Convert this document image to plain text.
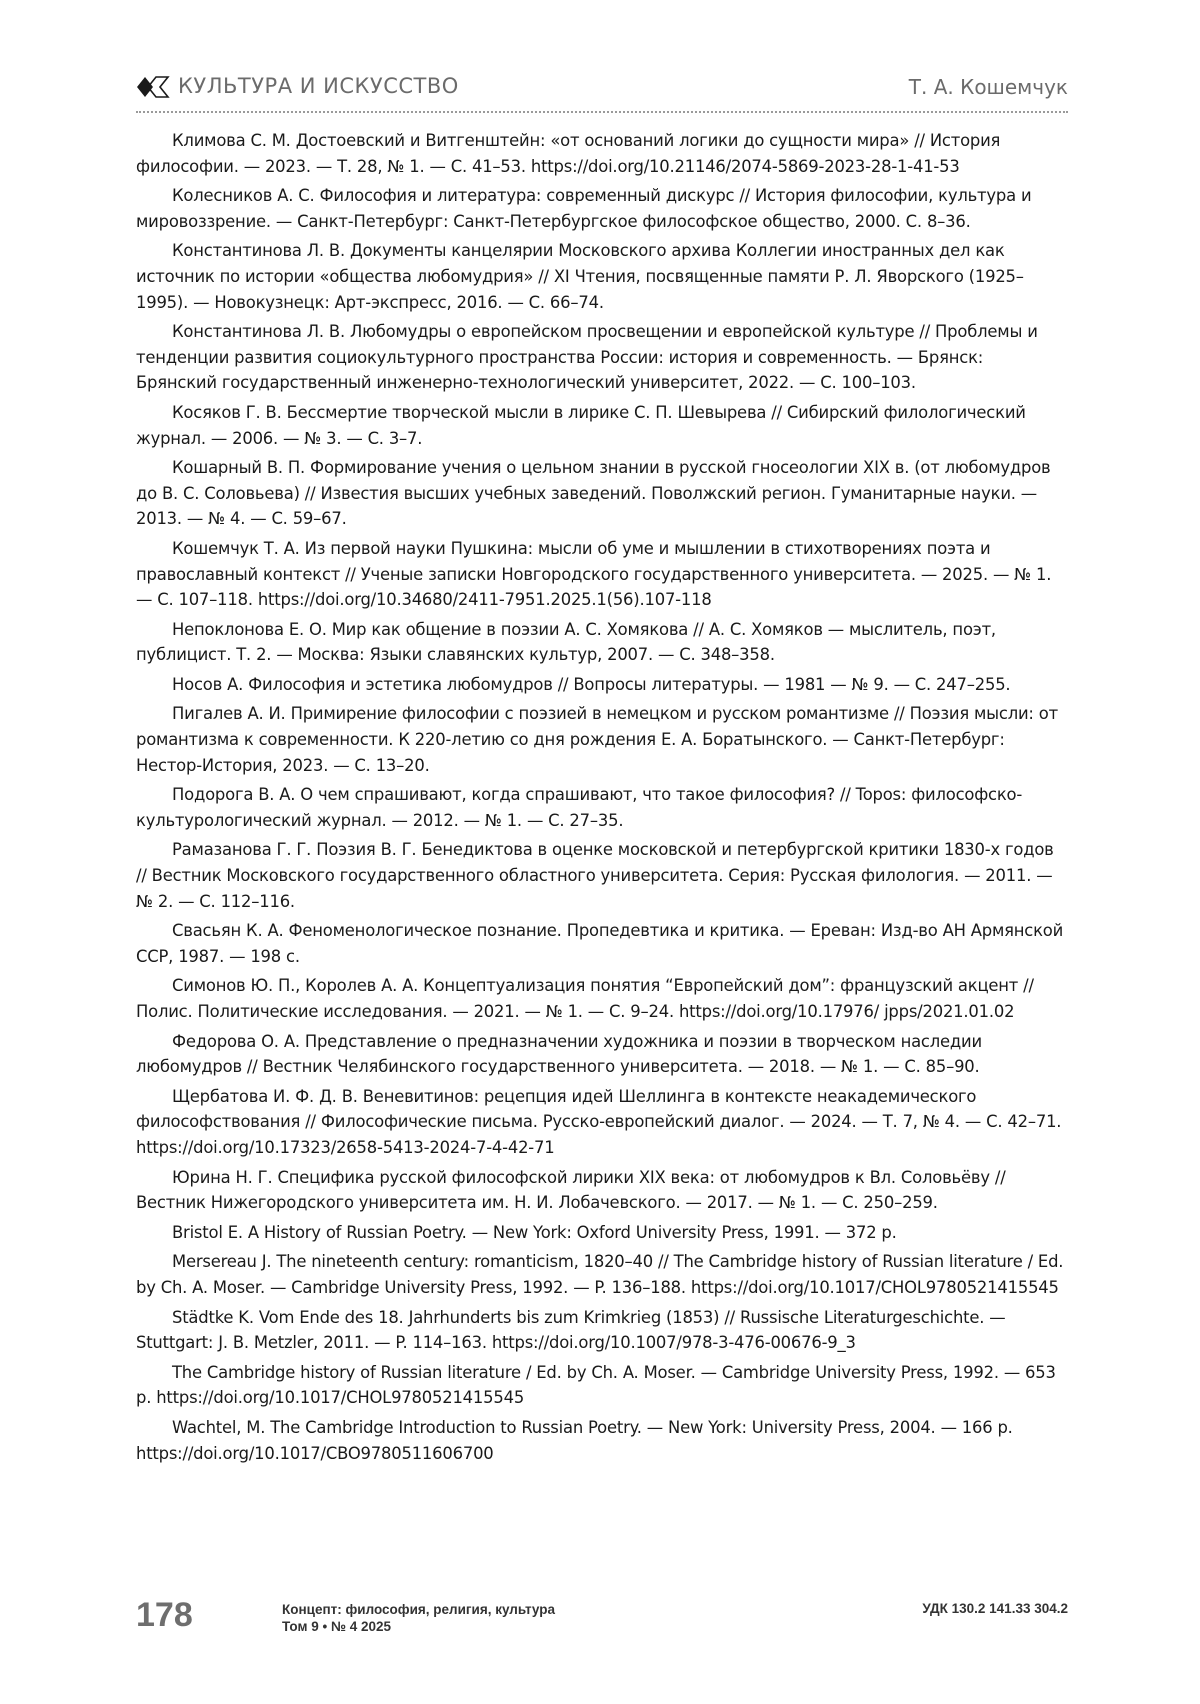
КУЛЬТУРА И ИСКУССТВО	Т. А. Кошемчук

Климова С. М. Достоевский и Витгенштейн: «от оснований логики до сущности мира» // История философии. — 2023. — Т. 28, № 1. — С. 41–53. https://doi.org/10.21146/2074-5869-2023-28-1-41-53

Колесников А. С. Философия и литература: современный дискурс // История философии, культура и мировоззрение. — Санкт-Петербург: Санкт-Петербургское философское общество, 2000. С. 8–36.

Константинова Л. В. Документы канцелярии Московского архива Коллегии иностранных дел как источник по истории «общества любомудрия» // XI Чтения, посвященные памяти Р. Л. Яворского (1925–1995). — Новокузнецк: Арт-экспресс, 2016. — С. 66–74.

Константинова Л. В. Любомудры о европейском просвещении и европейской культуре // Проблемы и тенденции развития социокультурного пространства России: история и современность. — Брянск: Брянский государственный инженерно-технологический университет, 2022. — С. 100–103.

Косяков Г. В. Бессмертие творческой мысли в лирике С. П. Шевырева // Сибирский филологический журнал. — 2006. — № 3. — С. 3–7.

Кошарный В. П. Формирование учения о цельном знании в русской гносеологии XIX в. (от любомудров до В. С. Соловьева) // Известия высших учебных заведений. Поволжский регион. Гуманитарные науки. — 2013. — № 4. — С. 59–67.

Кошемчук Т. А. Из первой науки Пушкина: мысли об уме и мышлении в стихотворениях поэта и православный контекст // Ученые записки Новгородского государственного университета. — 2025. — № 1. — С. 107–118. https://doi.org/10.34680/2411-7951.2025.1(56).107-118

Непоклонова Е. О. Мир как общение в поэзии А. С. Хомякова // А. С. Хомяков — мыслитель, поэт, публицист. Т. 2. — Москва: Языки славянских культур, 2007. — С. 348–358.

Носов А. Философия и эстетика любомудров // Вопросы литературы. — 1981 — № 9. — С. 247–255.

Пигалев А. И. Примирение философии с поэзией в немецком и русском романтизме // Поэзия мысли: от романтизма к современности. К 220-летию со дня рождения Е. А. Боратынского. — Санкт-Петербург: Нестор-История, 2023. — С. 13–20.

Подорога В. А. О чем спрашивают, когда спрашивают, что такое философия? // Topos: философско-культурологический журнал. — 2012. — № 1. — С. 27–35.

Рамазанова Г. Г. Поэзия В. Г. Бенедиктова в оценке московской и петербургской критики 1830-х годов // Вестник Московского государственного областного университета. Серия: Русская филология. — 2011. — № 2. — С. 112–116.

Свасьян К. А. Феноменологическое познание. Пропедевтика и критика. — Ереван: Изд-во АН Армянской ССР, 1987. — 198 с.

Симонов Ю. П., Королев А. А. Концептуализация понятия “Европейский дом”: французский акцент // Полис. Политические исследования. — 2021. — № 1. — С. 9–24. https://doi.org/10.17976/ jpps/2021.01.02

Федорова О. А. Представление о предназначении художника и поэзии в творческом наследии любомудров // Вестник Челябинского государственного университета. — 2018. — № 1. — С. 85–90.

Щербатова И. Ф. Д. В. Веневитинов: рецепция идей Шеллинга в контексте неакадемического философствования // Философические письма. Русско-европейский диалог. — 2024. — Т. 7, № 4. — С. 42–71. https://doi.org/10.17323/2658-5413-2024-7-4-42-71

Юрина Н. Г. Специфика русской философской лирики XIX века: от любомудров к Вл. Соловьёву // Вестник Нижегородского университета им. Н. И. Лобачевского. — 2017. — № 1. — С. 250–259.

Bristol E. A History of Russian Poetry. — New York: Oxford University Press, 1991. — 372 p.

Mersereau J. The nineteenth century: romanticism, 1820–40 // The Cambridge history of Russian literature / Ed. by Ch. A. Moser. — Cambridge University Press, 1992. — P. 136–188. https://doi.org/10.1017/CHOL9780521415545

Städtke K. Vom Ende des 18. Jahrhunderts bis zum Krimkrieg (1853) // Russische Literaturgeschichte. — Stuttgart: J. B. Metzler, 2011. — P. 114–163. https://doi.org/10.1007/978-3-476-00676-9_3

The Cambridge history of Russian literature / Ed. by Ch. A. Moser. — Cambridge University Press, 1992. — 653 p. https://doi.org/10.1017/CHOL9780521415545

Wachtel, M. The Cambridge Introduction to Russian Poetry. — New York: University Press, 2004. — 166 p. https://doi.org/10.1017/CBO9780511606700

178	Концепт: философия, религия, культура
Том 9 • № 4 2025
УДК 130.2 141.33 304.2
